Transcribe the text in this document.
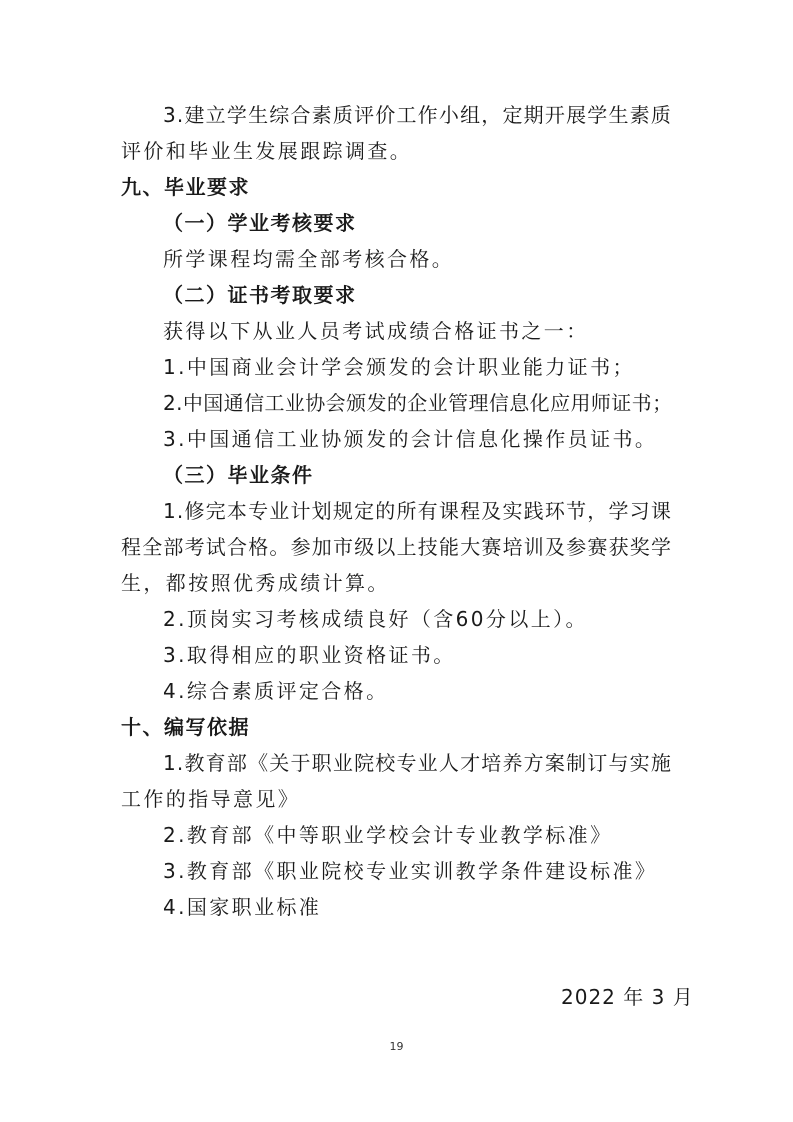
3.建立学生综合素质评价工作小组，定期开展学生素质
评价和毕业生发展跟踪调查。
九、毕业要求
（一）学业考核要求
所学课程均需全部考核合格。
（二）证书考取要求
获得以下从业人员考试成绩合格证书之一：
1.中国商业会计学会颁发的会计职业能力证书；
2.中国通信工业协会颁发的企业管理信息化应用师证书；
3.中国通信工业协颁发的会计信息化操作员证书。
（三）毕业条件
1.修完本专业计划规定的所有课程及实践环节，学习课
程全部考试合格。参加市级以上技能大赛培训及参赛获奖学
生，都按照优秀成绩计算。
2.顶岗实习考核成绩良好（含60分以上）。
3.取得相应的职业资格证书。
4.综合素质评定合格。
十、编写依据
1.教育部《关于职业院校专业人才培养方案制订与实施
工作的指导意见》
2.教育部《中等职业学校会计专业教学标准》
3.教育部《职业院校专业实训教学条件建设标准》
4.国家职业标准
2022 年 3 月
19
